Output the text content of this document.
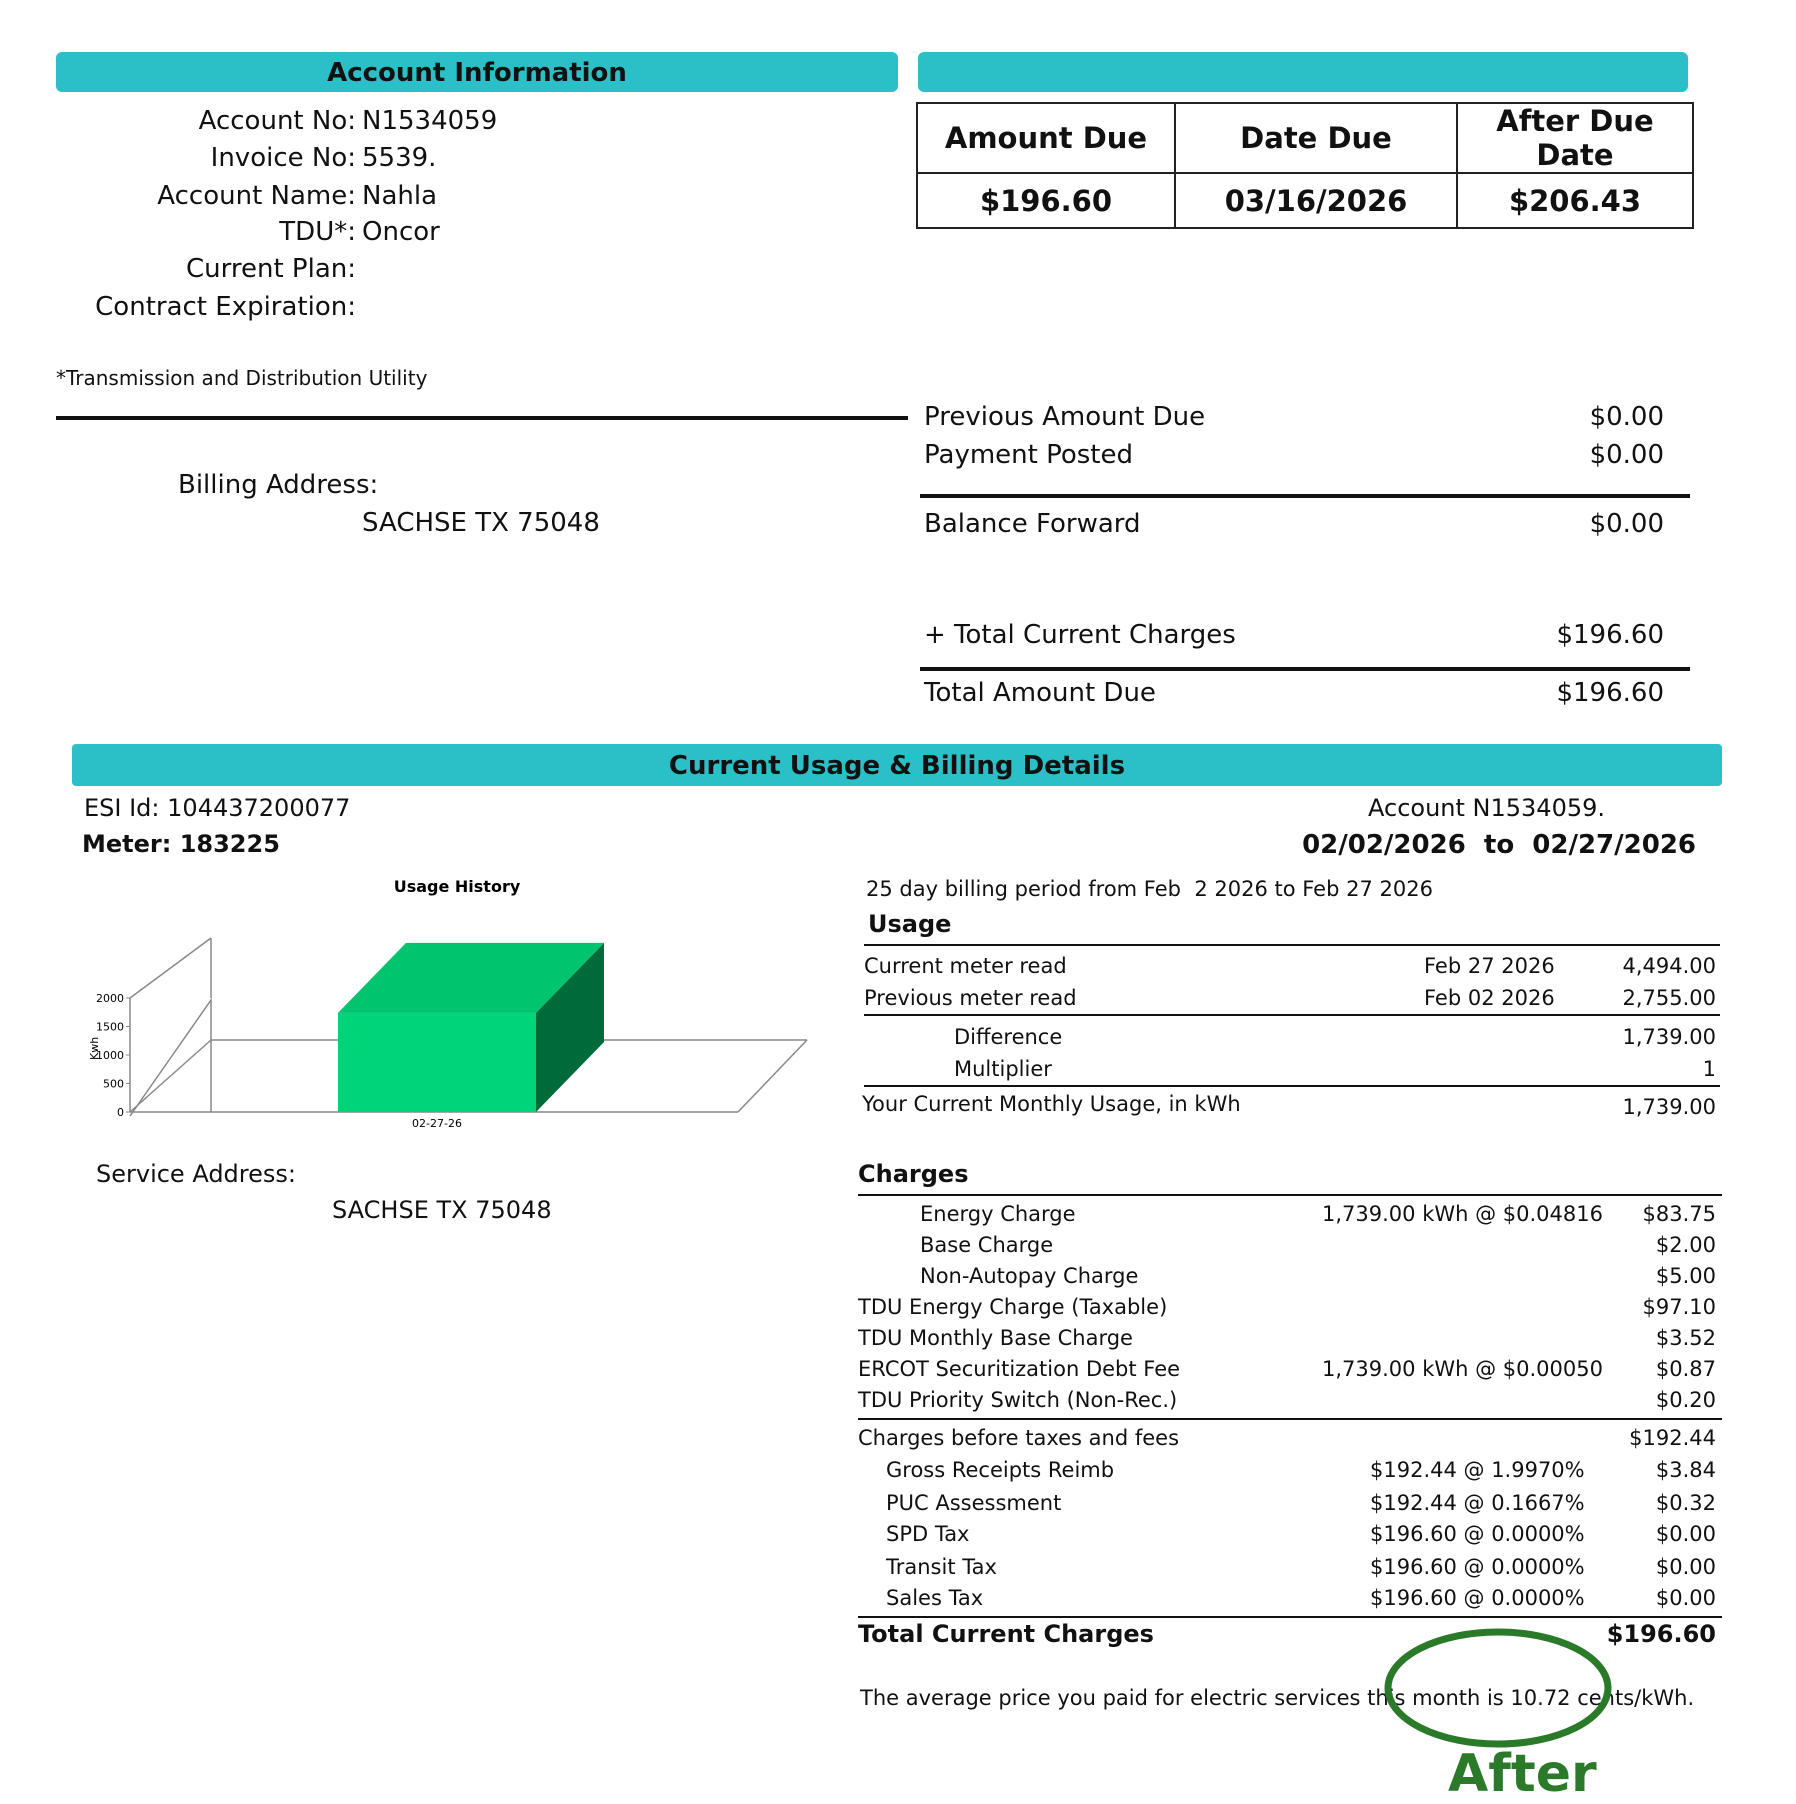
Account Information
Account No: N1534059
Invoice No: 5539.
Account Name: Nahla
TDU*: Oncor
Current Plan:
Contract Expiration:
*Transmission and Distribution Utility
Billing Address:
SACHSE TX 75048
Amount Due	Date Due	After Due Date
$196.60	03/16/2026	$206.43
Previous Amount Due	$0.00
Payment Posted	$0.00
Balance Forward	$0.00
+ Total Current Charges	$196.60
Total Amount Due	$196.60
Current Usage & Billing Details
ESI Id: 104437200077
Meter: 183225
Account N1534059.
02/02/2026  to  02/27/2026
Usage History
0
500
1000
1500
2000
02-27-26
Kwh
Service Address:
SACHSE TX 75048
25 day billing period from Feb  2 2026 to Feb 27 2026
Usage
Current meter read	Feb 27 2026	4,494.00
Previous meter read	Feb 02 2026	2,755.00
Difference	1,739.00
Multiplier	1
Your Current Monthly Usage, in kWh	1,739.00
Charges
Energy Charge	1,739.00 kWh @ $0.04816 $83.75
Base Charge	$2.00
Non-Autopay Charge	$5.00
TDU Energy Charge (Taxable)	$97.10
TDU Monthly Base Charge	$3.52
ERCOT Securitization Debt Fee	1,739.00 kWh @ $0.00050	$0.87
TDU Priority Switch (Non-Rec.)	$0.20
Charges before taxes and fees	$192.44
Gross Receipts Reimb	$192.44 @ 1.9970%	$3.84
PUC Assessment	$192.44 @ 0.1667%	$0.32
SPD Tax	$196.60 @ 0.0000%	$0.00
Transit Tax	$196.60 @ 0.0000%	$0.00
Sales Tax	$196.60 @ 0.0000%	$0.00
Total Current Charges	$196.60
The average price you paid for electric services this month is 10.72 cents/kWh.
After
